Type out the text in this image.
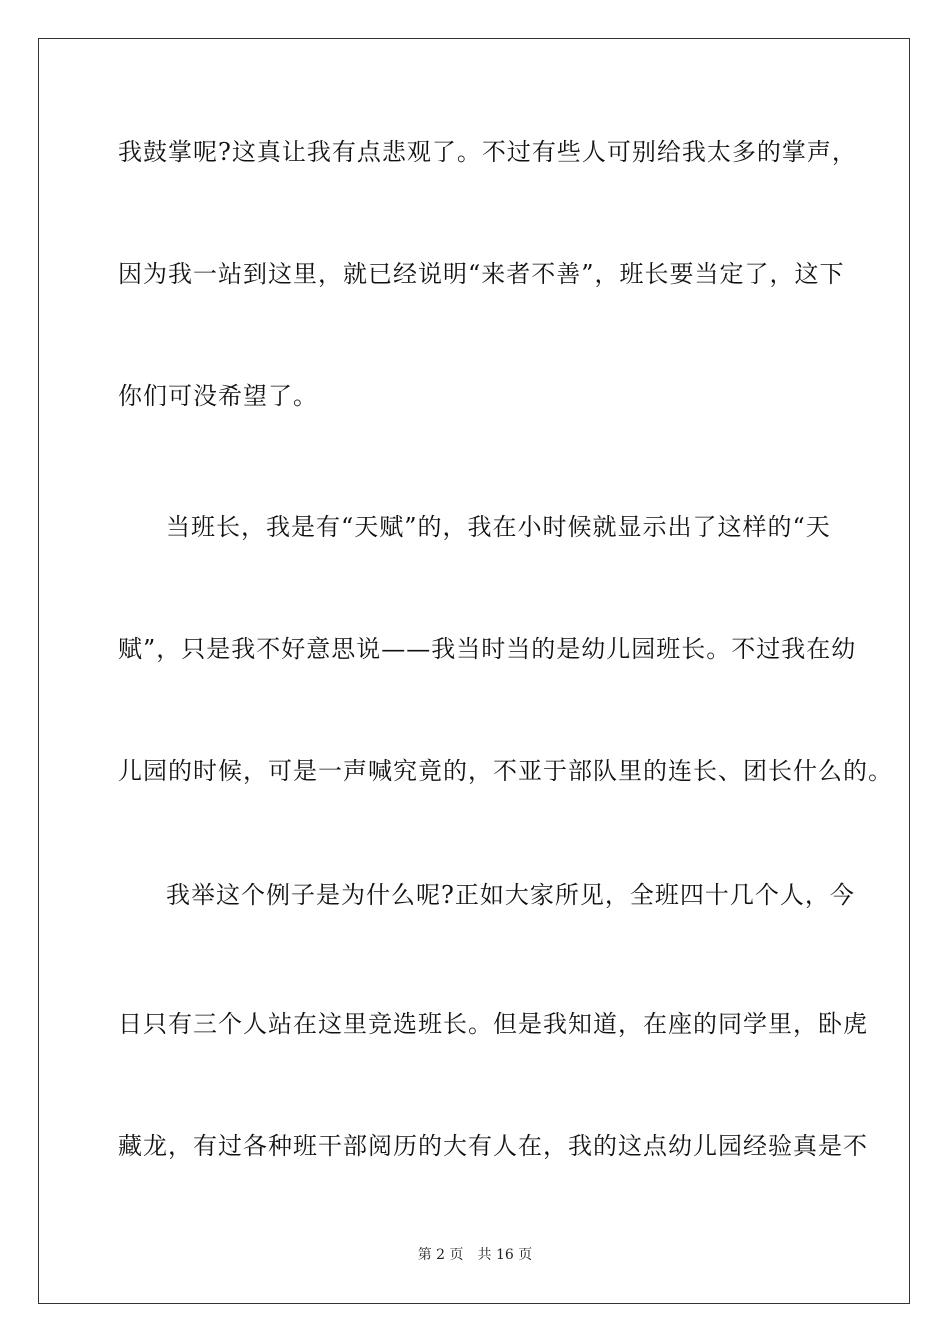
我鼓掌呢?这真让我有点悲观了。不过有些人可别给我太多的掌声，
因为我一站到这里，就已经说明“来者不善”，班长要当定了，这下
你们可没希望了。
当班长，我是有“天赋”的，我在小时候就显示出了这样的“天
赋”，只是我不好意思说——我当时当的是幼儿园班长。不过我在幼
儿园的时候，可是一声喊究竟的，不亚于部队里的连长、团长什么的。
我举这个例子是为什么呢?正如大家所见，全班四十几个人，今
日只有三个人站在这里竞选班长。但是我知道，在座的同学里，卧虎
藏龙，有过各种班干部阅历的大有人在，我的这点幼儿园经验真是不
第 2 页 共 16 页
